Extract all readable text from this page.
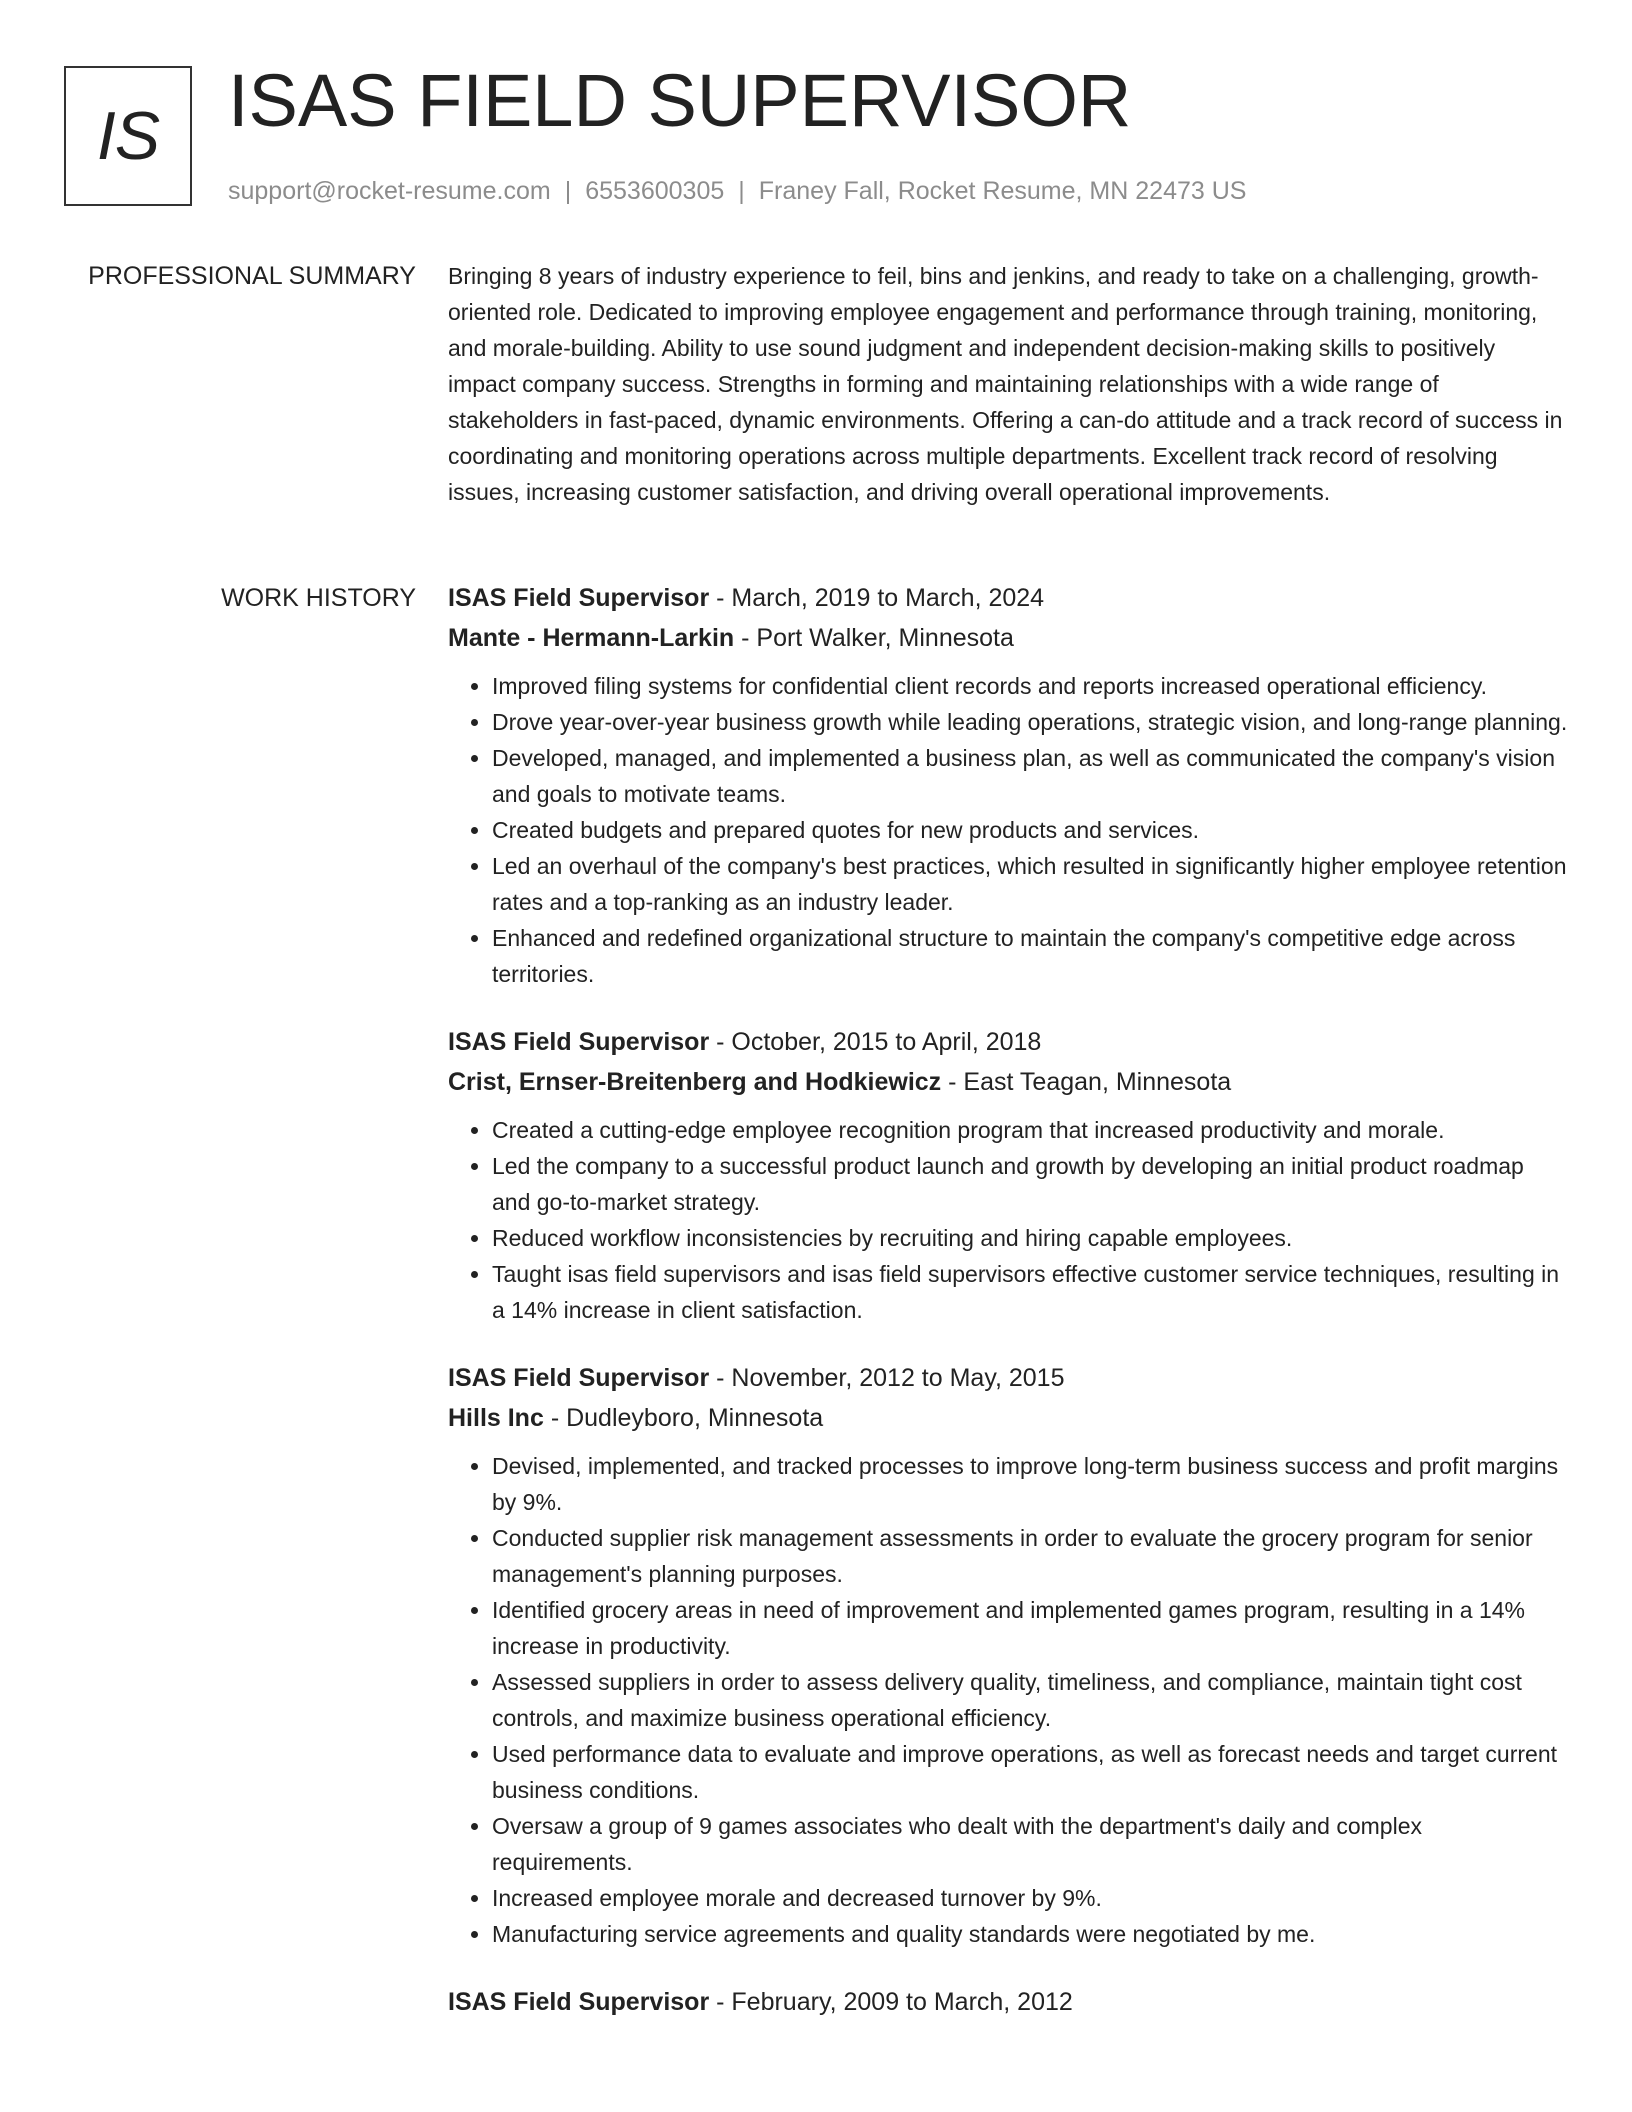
IS ISAS FIELD SUPERVISOR
support@rocket-resume.com | 6553600305 | Franey Fall, Rocket Resume, MN 22473 US
PROFESSIONAL SUMMARY Bringing 8 years of industry experience to feil, bins and jenkins, and ready to take on a challenging, growth-oriented role. Dedicated to improving employee engagement and performance through training, monitoring, and morale-building. Ability to use sound judgment and independent decision-making skills to positively impact company success. Strengths in forming and maintaining relationships with a wide range of stakeholders in fast-paced, dynamic environments. Offering a can-do attitude and a track record of success in coordinating and monitoring operations across multiple departments. Excellent track record of resolving issues, increasing customer satisfaction, and driving overall operational improvements.

WORK HISTORY ISAS Field Supervisor - March, 2019 to March, 2024
Mante - Hermann-Larkin - Port Walker, Minnesota
• Improved filing systems for confidential client records and reports increased operational efficiency.
• Drove year-over-year business growth while leading operations, strategic vision, and long-range planning.
• Developed, managed, and implemented a business plan, as well as communicated the company's vision and goals to motivate teams.
• Created budgets and prepared quotes for new products and services.
• Led an overhaul of the company's best practices, which resulted in significantly higher employee retention rates and a top-ranking as an industry leader.
• Enhanced and redefined organizational structure to maintain the company's competitive edge across territories.
ISAS Field Supervisor - October, 2015 to April, 2018
Crist, Ernser-Breitenberg and Hodkiewicz - East Teagan, Minnesota
• Created a cutting-edge employee recognition program that increased productivity and morale.
• Led the company to a successful product launch and growth by developing an initial product roadmap and go-to-market strategy.
• Reduced workflow inconsistencies by recruiting and hiring capable employees.
• Taught isas field supervisors and isas field supervisors effective customer service techniques, resulting in a 14% increase in client satisfaction.
ISAS Field Supervisor - November, 2012 to May, 2015
Hills Inc - Dudleyboro, Minnesota
• Devised, implemented, and tracked processes to improve long-term business success and profit margins by 9%.
• Conducted supplier risk management assessments in order to evaluate the grocery program for senior management's planning purposes.
• Identified grocery areas in need of improvement and implemented games program, resulting in a 14% increase in productivity.
• Assessed suppliers in order to assess delivery quality, timeliness, and compliance, maintain tight cost controls, and maximize business operational efficiency.
• Used performance data to evaluate and improve operations, as well as forecast needs and target current business conditions.
• Oversaw a group of 9 games associates who dealt with the department's daily and complex requirements.
• Increased employee morale and decreased turnover by 9%.
• Manufacturing service agreements and quality standards were negotiated by me.
ISAS Field Supervisor - February, 2009 to March, 2012
